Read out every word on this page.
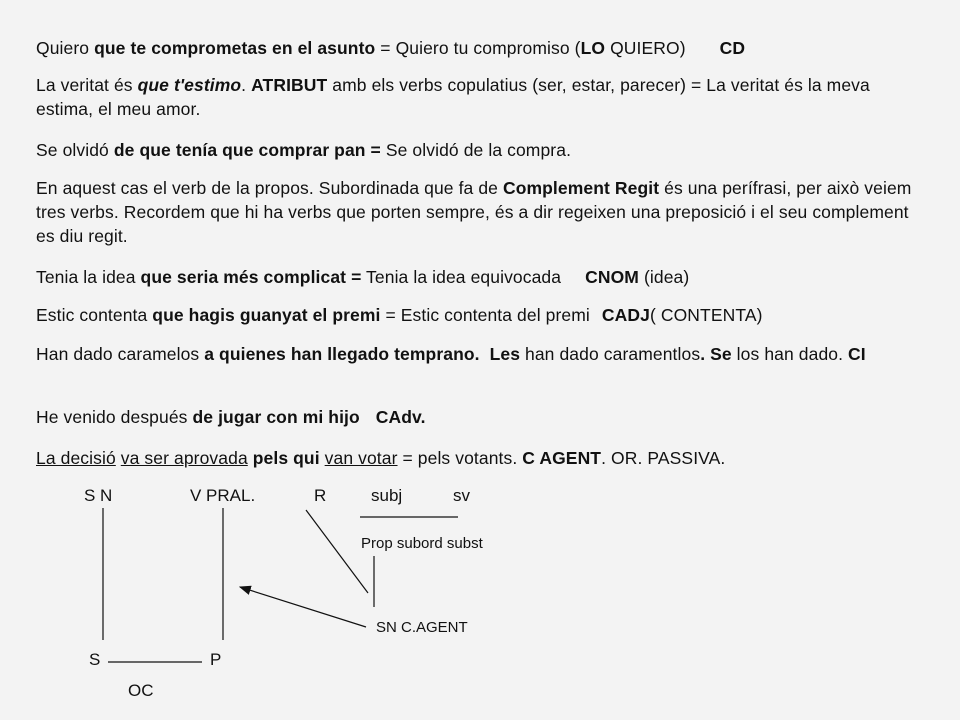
Quiero que te comprometas en el asunto = Quiero tu compromiso (LO QUIERO) CD

La veritat és que t'estimo. ATRIBUT amb els verbs copulatius (ser, estar, parecer) = La veritat és la meva estima, el meu amor.

Se olvidó de que tenía que comprar pan = Se olvidó de la compra.

En aquest cas el verb de la propos. Subordinada que fa de Complement Regit és una perífrasi, per això veiem tres verbs. Recordem que hi ha verbs que porten sempre, és a dir regeixen una preposició i el seu complement es diu regit.

Tenia la idea que seria més complicat = Tenia la idea equivocada CNOM (idea)

Estic contenta que hagis guanyat el premi = Estic contenta del premi CADJ( CONTENTA)

Han dado caramelos a quienes han llegado temprano. Les han dado caramentlos. Se los han dado. CI

He venido después de jugar con mi hijo CAdv.

La decisió va ser aprovada pels qui van votar = pels votants. C AGENT. OR. PASSIVA.

S N	V PRAL.	R	subj	sv
Prop subord subst
SN C.AGENT
S	P
OC
